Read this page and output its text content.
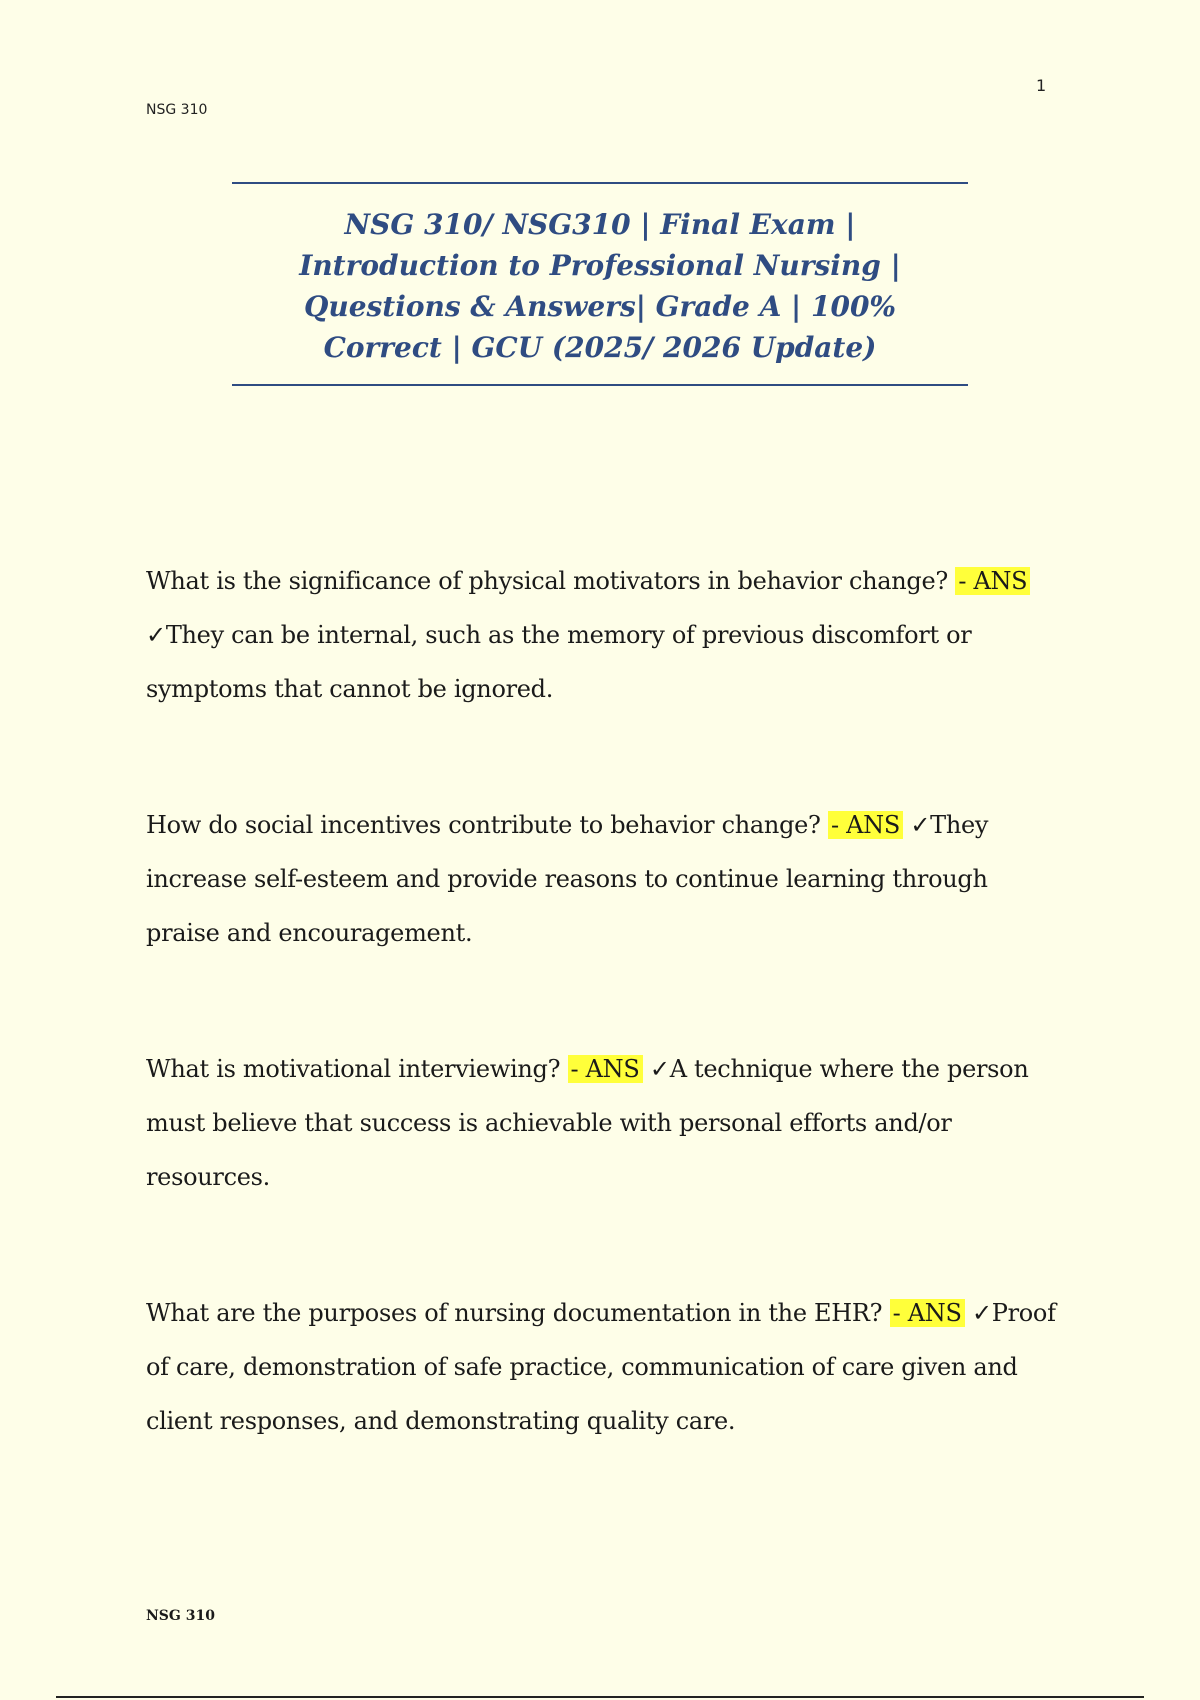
1
NSG 310
NSG 310/ NSG310 | Final Exam | Introduction to Professional Nursing | Questions & Answers| Grade A | 100% Correct | GCU (2025/ 2026 Update)
What is the significance of physical motivators in behavior change? - ANS ✓They can be internal, such as the memory of previous discomfort or symptoms that cannot be ignored.
How do social incentives contribute to behavior change? - ANS ✓They increase self-esteem and provide reasons to continue learning through praise and encouragement.
What is motivational interviewing? - ANS ✓A technique where the person must believe that success is achievable with personal efforts and/or resources.
What are the purposes of nursing documentation in the EHR? - ANS ✓Proof of care, demonstration of safe practice, communication of care given and client responses, and demonstrating quality care.
NSG 310
